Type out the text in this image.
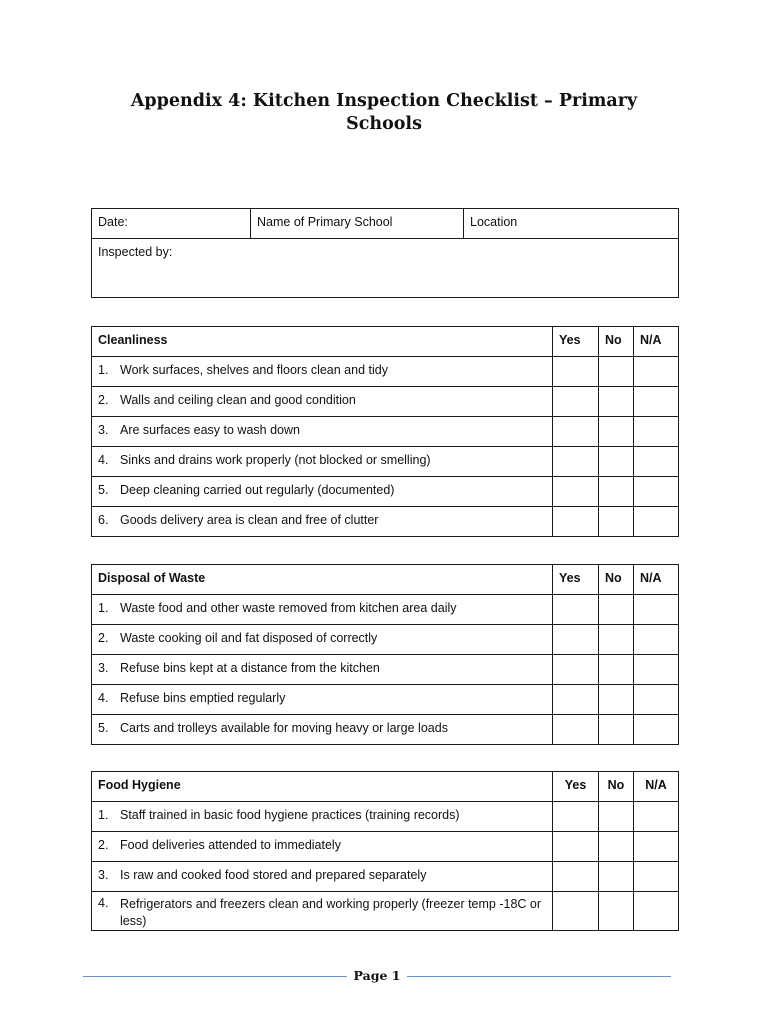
Appendix 4: Kitchen Inspection Checklist – Primary Schools
Date:	Name of Primary School	Location
Inspected by:
Cleanliness	Yes	No	N/A
1. Work surfaces, shelves and floors clean and tidy			
2. Walls and ceiling clean and good condition			
3. Are surfaces easy to wash down			
4. Sinks and drains work properly (not blocked or smelling)			
5. Deep cleaning carried out regularly (documented)			
6. Goods delivery area is clean and free of clutter			
Disposal of Waste	Yes	No	N/A
1. Waste food and other waste removed from kitchen area daily			
2. Waste cooking oil and fat disposed of correctly			
3. Refuse bins kept at a distance from the kitchen			
4. Refuse bins emptied regularly			
5. Carts and trolleys available for moving heavy or large loads			
Food Hygiene	Yes	No	N/A
1. Staff trained in basic food hygiene practices (training records)			
2. Food deliveries attended to immediately			
3. Is raw and cooked food stored and prepared separately			

4. Refrigerators and freezers clean and working properly (freezer temp -18C or less)			

Page 1
